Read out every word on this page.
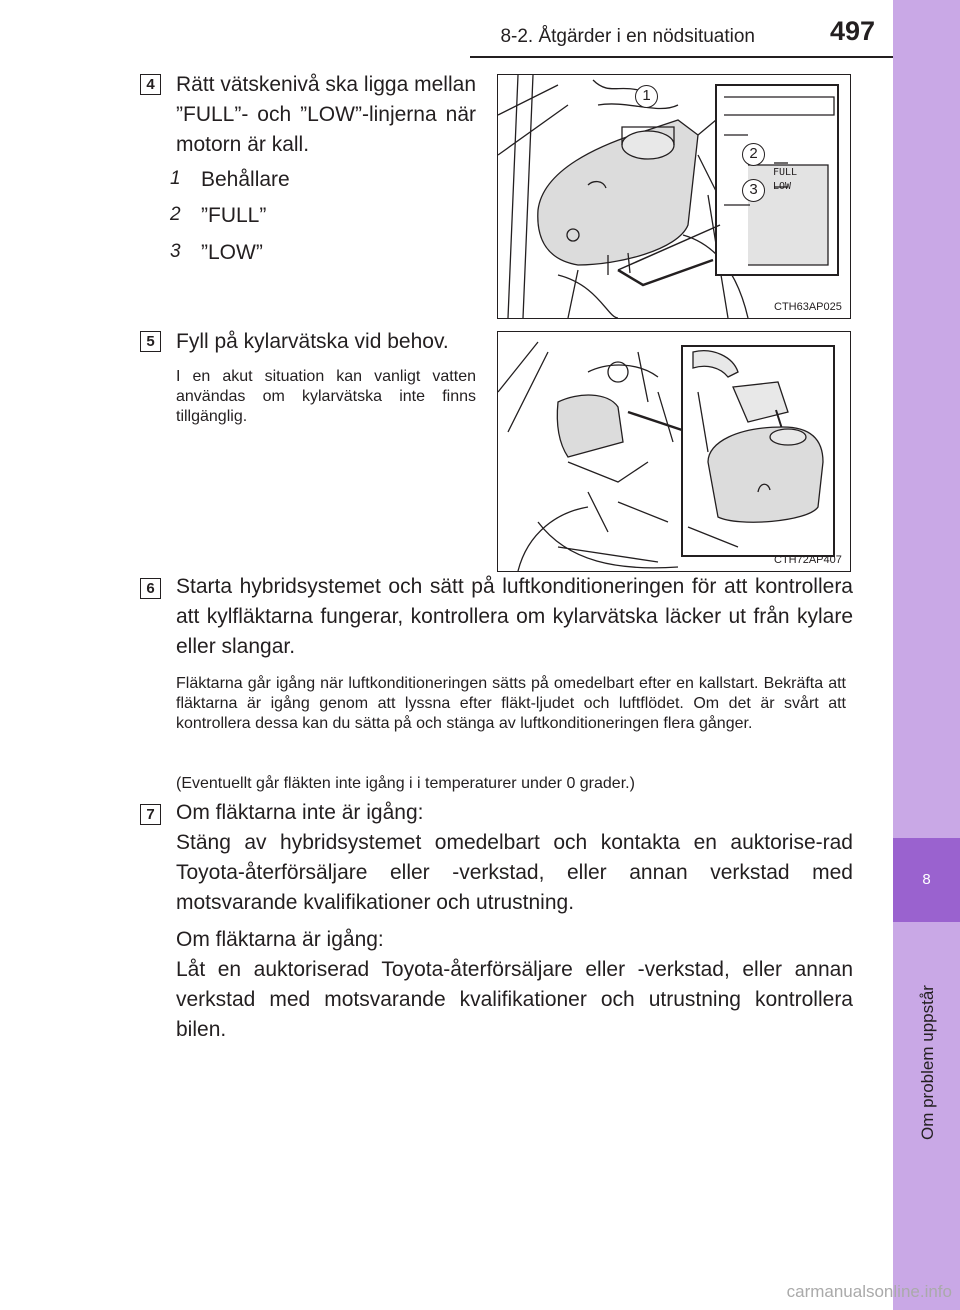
8
Om problem uppstår
8-2. Åtgärder i en nödsituation	497
4	Rätt vätskenivå ska ligga mellan ”FULL”- och ”LOW”-linjerna när motorn är kall.
1 Behållare
2 ”FULL”
3 ”LOW”
FULL
LOW
1
2
3
CTH63AP025
5	Fyll på kylarvätska vid behov.
I en akut situation kan vanligt vatten användas om kylarvätska inte finns tillgänglig.
CTH72AP407
6	Starta hybridsystemet och sätt på luftkonditioneringen för att kontrollera att kylfläktarna fungerar, kontrollera om kylarvätska läcker ut från kylare eller slangar.
Fläktarna går igång när luftkonditioneringen sätts på omedelbart efter en kallstart. Bekräfta att fläktarna är igång genom att lyssna efter fläkt-ljudet och luftflödet. Om det är svårt att kontrollera dessa kan du sätta på och stänga av luftkonditioneringen flera gånger.
(Eventuellt går fläkten inte igång i i temperaturer under 0 grader.)
7	Om fläktarna inte är igång:
Stäng av hybridsystemet omedelbart och kontakta en auktorise-rad Toyota-återförsäljare eller -verkstad, eller annan verkstad med motsvarande kvalifikationer och utrustning.
Om fläktarna är igång:
Låt en auktoriserad Toyota-återförsäljare eller -verkstad, eller annan verkstad med motsvarande kvalifikationer och utrustning kontrollera bilen.
carmanualsonline.info
